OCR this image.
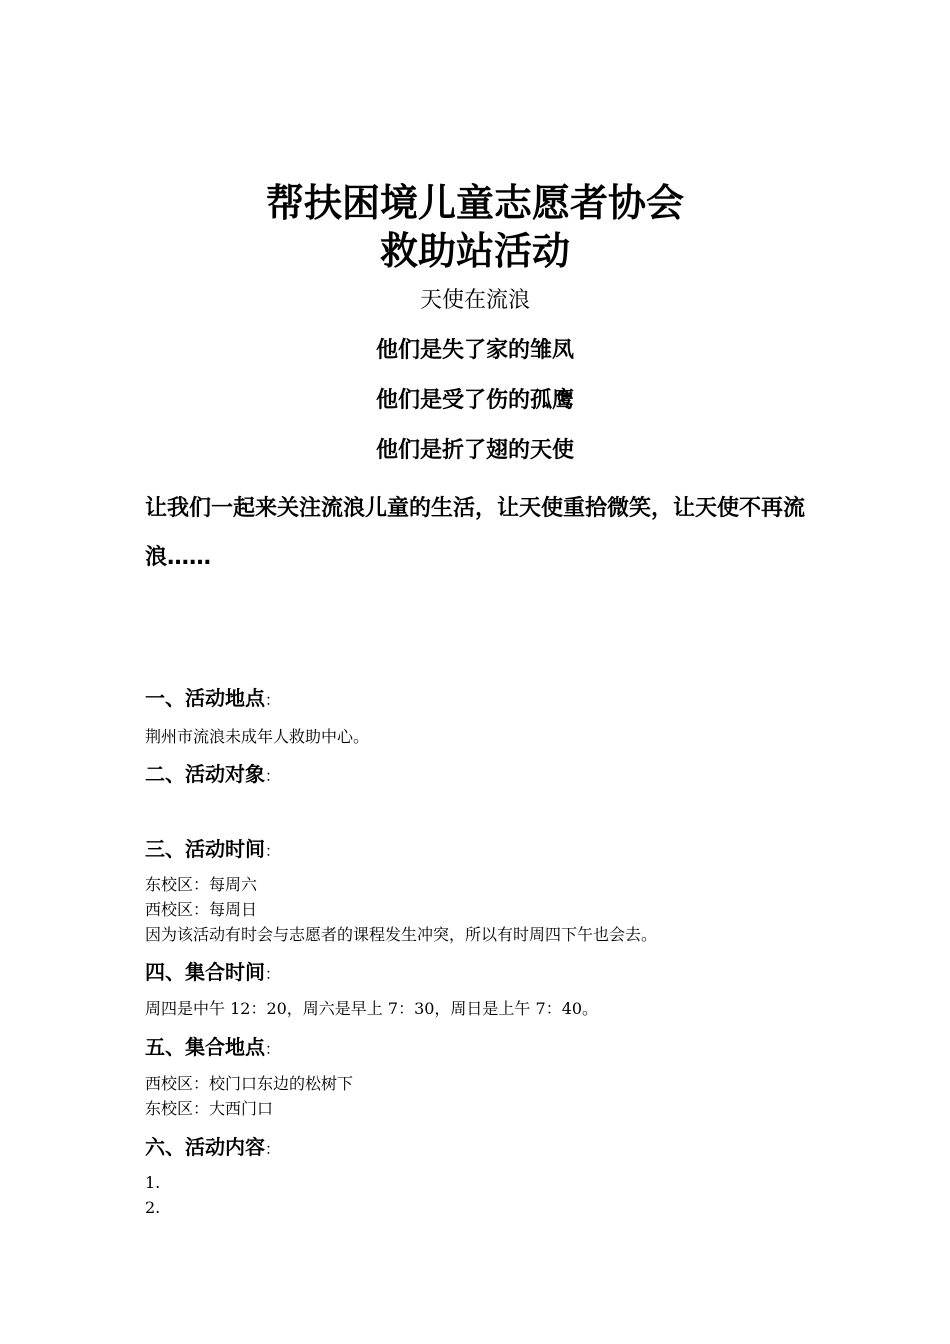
帮扶困境儿童志愿者协会
救助站活动
天使在流浪
他们是失了家的雏凤
他们是受了伤的孤鹰
他们是折了翅的天使
让我们一起来关注流浪儿童的生活，让天使重拾微笑，让天使不再流浪……
一、活动地点：
荆州市流浪未成年人救助中心。
二、活动对象：
三、活动时间：
东校区：每周六
西校区：每周日
因为该活动有时会与志愿者的课程发生冲突，所以有时周四下午也会去。
四、集合时间：
周四是中午 12：20，周六是早上 7：30，周日是上午 7：40。
五、集合地点：
西校区：校门口东边的松树下
东校区：大西门口
六、活动内容：
1.
2.
